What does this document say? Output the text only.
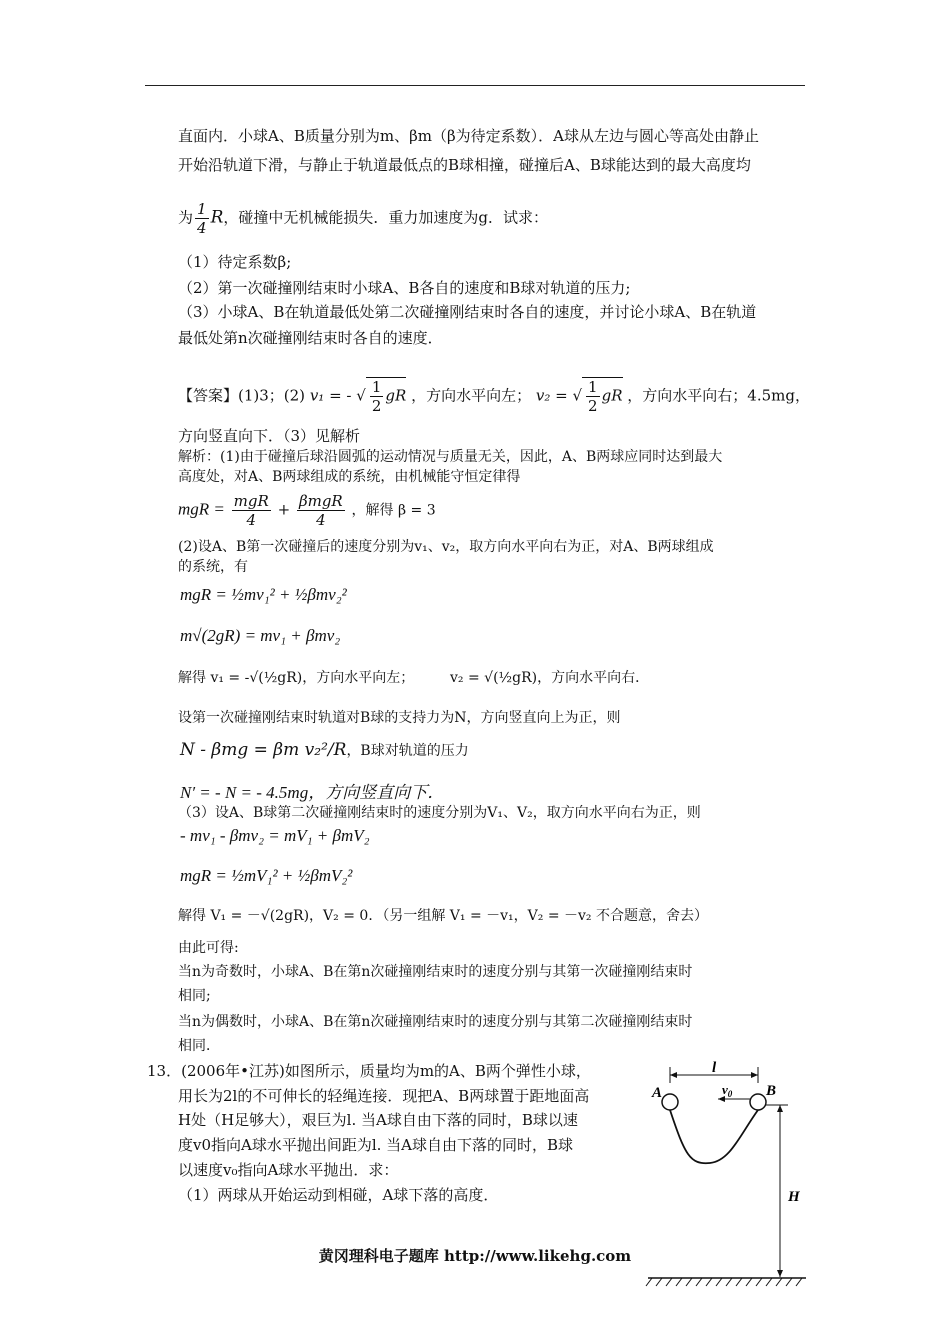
直面内．小球A、B质量分别为m、βm（β为待定系数）．A球从左边与圆心等高处由静止
开始沿轨道下滑，与静止于轨道最低点的B球相撞，碰撞后A、B球能达到的最大高度均
为 $\frac{1}{4}$ R，碰撞中无机械能损失．重力加速度为g．试求：
（1）待定系数β;
（2）第一次碰撞刚结束时小球A、B各自的速度和B球对轨道的压力;
（3）小球A、B在轨道最低处第二次碰撞刚结束时各自的速度，并讨论小球A、B在轨道
最低处第n次碰撞刚结束时各自的速度．
【答案】(1)3；(2) v₁ = - √ $\frac{1}{2}$ gR ，方向水平向左； v₂ = √ $\frac{1}{2}$ gR ，方向水平向右；4.5mg，
方向竖直向下．（3）见解析
解析：(1)由于碰撞后球沿圆弧的运动情况与质量无关，因此，A、B两球应同时达到最大
高度处，对A、B两球组成的系统，由机械能守恒定律得
mgR = $\frac{\text{mgR}}{4} + \frac{\text{βmgR}}{4}$ ，解得 β = 3
(2)设A、B第一次碰撞后的速度分别为v₁、v₂，取方向水平向右为正，对A、B两球组成
的系统，有
mgR = ½mv₁² + ½βmv₂²
m√(2gR) = mv₁ + βmv₂
解得 v₁ = -√(½gR)，方向水平向左；	v₂ = √(½gR)，方向水平向右．
设第一次碰撞刚结束时轨道对B球的支持力为N，方向竖直向上为正，则
N - βmg = βm v₂²/R，B球对轨道的压力
N′ = - N = - 4.5mg，方向竖直向下．
（3）设A、B球第二次碰撞刚结束时的速度分别为V₁、V₂，取方向水平向右为正，则
- mv₁ - βmv₂ = mV₁ + βmV₂
mgR = ½mV₁² + ½βmV₂²
解得 V₁ = －√(2gR)，V₂ = 0．（另一组解 V₁ = －v₁，V₂ = －v₂ 不合题意，舍去）
由此可得:
当n为奇数时，小球A、B在第n次碰撞刚结束时的速度分别与其第一次碰撞刚结束时
相同;
当n为偶数时，小球A、B在第n次碰撞刚结束时的速度分别与其第二次碰撞刚结束时
相同．
13．(2006年•江苏)如图所示，质量均为m的A、B两个弹性小球，
用长为2l的不可伸长的轻绳连接．现把A、B两球置于距地面高
H处（H足够大），艰巨为l. 当A球自由下落的同时，B球以速
度v0指向A球水平抛出间距为l. 当A球自由下落的同时，B球
以速度v₀指向A球水平抛出．求：
（1）两球从开始运动到相碰，A球下落的高度．
l
$v_0$
A	B
H
黄冈理科电子题库 http://www.likehg.com
